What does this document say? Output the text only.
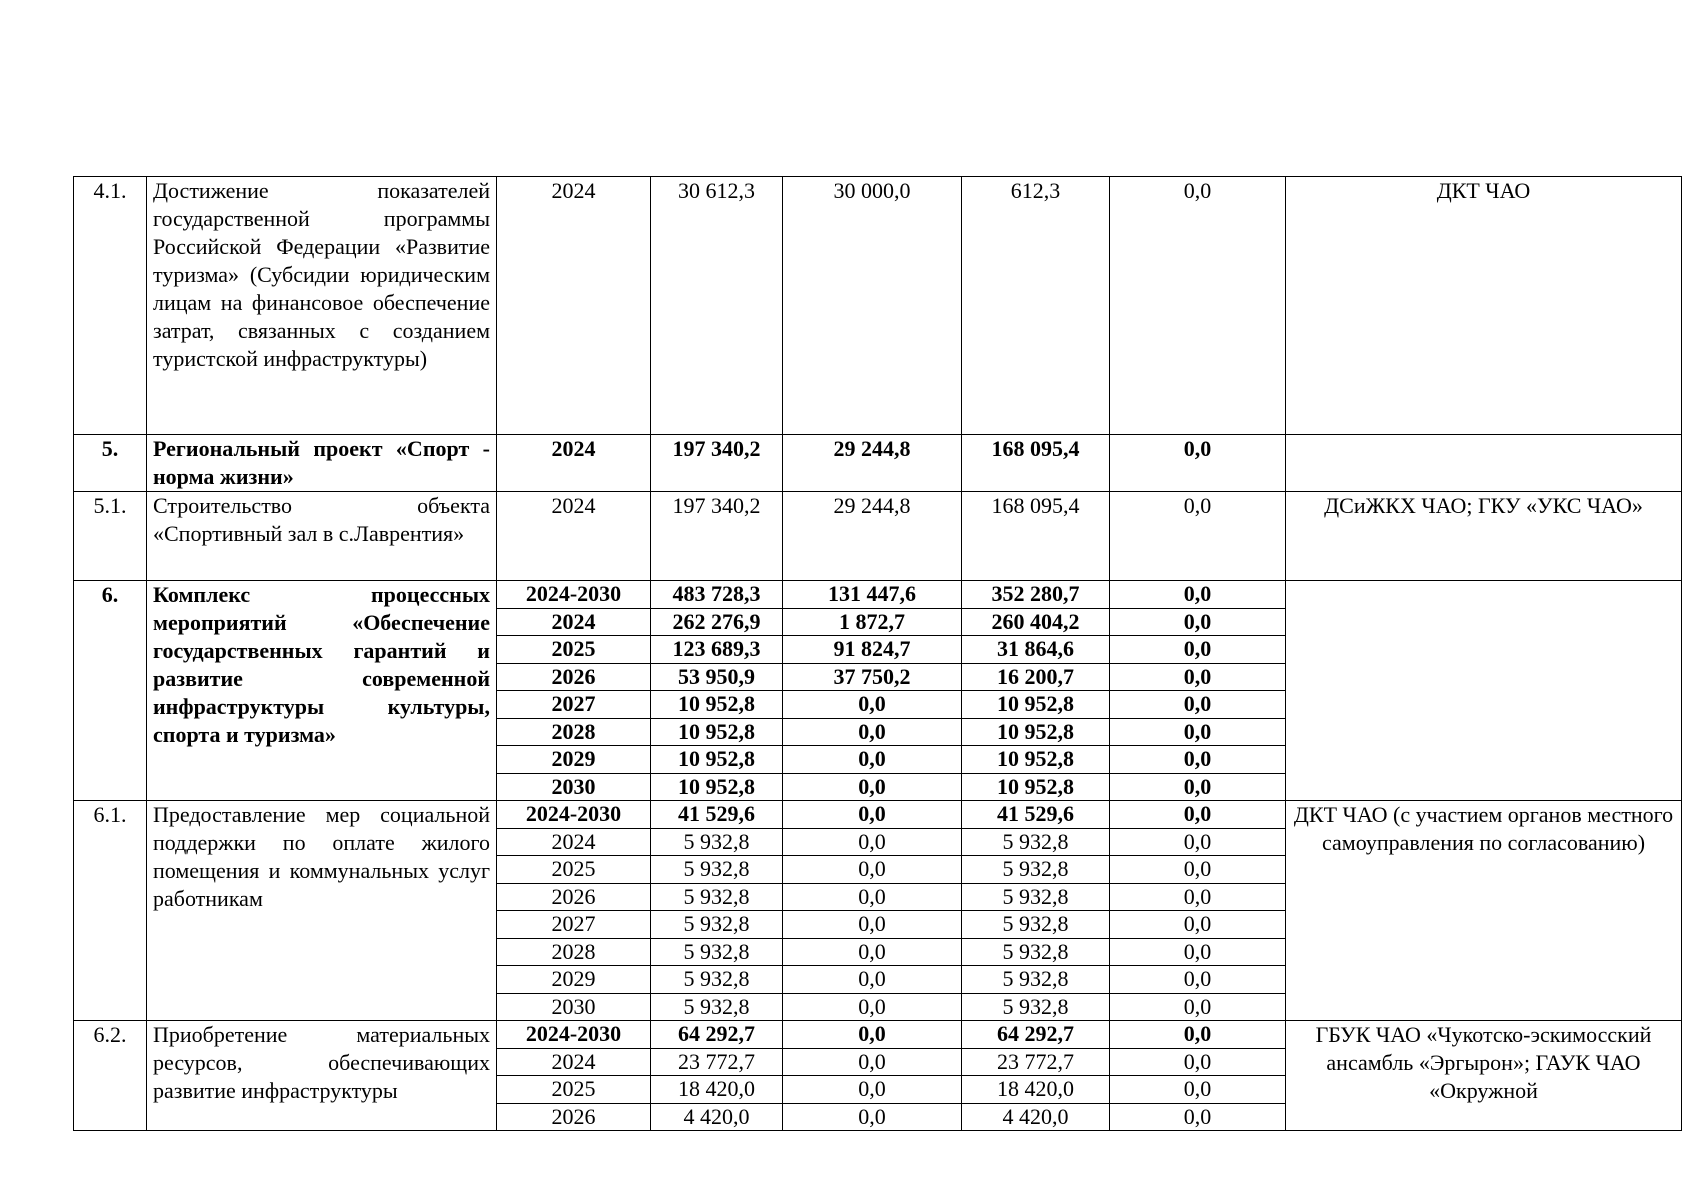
4.1.	Достижение показателей государственной программы Российской Федерации «Развитие туризма» (Субсидии юридическим лицам на финансовое обеспечение затрат, связанных с созданием туристской инфраструктуры)	2024	30 612,3	30 000,0	612,3	0,0	ДКТ ЧАО
5.	Региональный проект «Спорт - норма жизни»	2024	197 340,2	29 244,8	168 095,4	0,0	
5.1.	Строительство объекта «Спортивный зал в с.Лаврентия»	2024	197 340,2	29 244,8	168 095,4	0,0	ДСиЖКХ ЧАО; ГКУ «УКС ЧАО»
6.	Комплекс процессных мероприятий «Обеспечение государственных гарантий и развитие современной инфраструктуры культуры, спорта и туризма»	2024-2030	483 728,3	131 447,6	352 280,7	0,0	
		2024	262 276,9	1 872,7	260 404,2	0,0	
		2025	123 689,3	91 824,7	31 864,6	0,0	
		2026	53 950,9	37 750,2	16 200,7	0,0	
		2027	10 952,8	0,0	10 952,8	0,0	
		2028	10 952,8	0,0	10 952,8	0,0	
		2029	10 952,8	0,0	10 952,8	0,0	
		2030	10 952,8	0,0	10 952,8	0,0	
6.1.	Предоставление мер социальной поддержки по оплате жилого помещения и коммунальных услуг работникам	2024-2030	41 529,6	0,0	41 529,6	0,0	ДКТ ЧАО (с участием органов местного самоуправления по согласованию)
		2024	5 932,8	0,0	5 932,8	0,0	
		2025	5 932,8	0,0	5 932,8	0,0	
		2026	5 932,8	0,0	5 932,8	0,0	
		2027	5 932,8	0,0	5 932,8	0,0	
		2028	5 932,8	0,0	5 932,8	0,0	
		2029	5 932,8	0,0	5 932,8	0,0	
		2030	5 932,8	0,0	5 932,8	0,0	
6.2.	Приобретение материальных ресурсов, обеспечивающих развитие инфраструктуры	2024-2030	64 292,7	0,0	64 292,7	0,0	ГБУК ЧАО «Чукотско-эскимосский ансамбль «Эргырон»; ГАУК ЧАО «Окружной
		2024	23 772,7	0,0	23 772,7	0,0	
		2025	18 420,0	0,0	18 420,0	0,0	
		2026	4 420,0	0,0	4 420,0	0,0	
